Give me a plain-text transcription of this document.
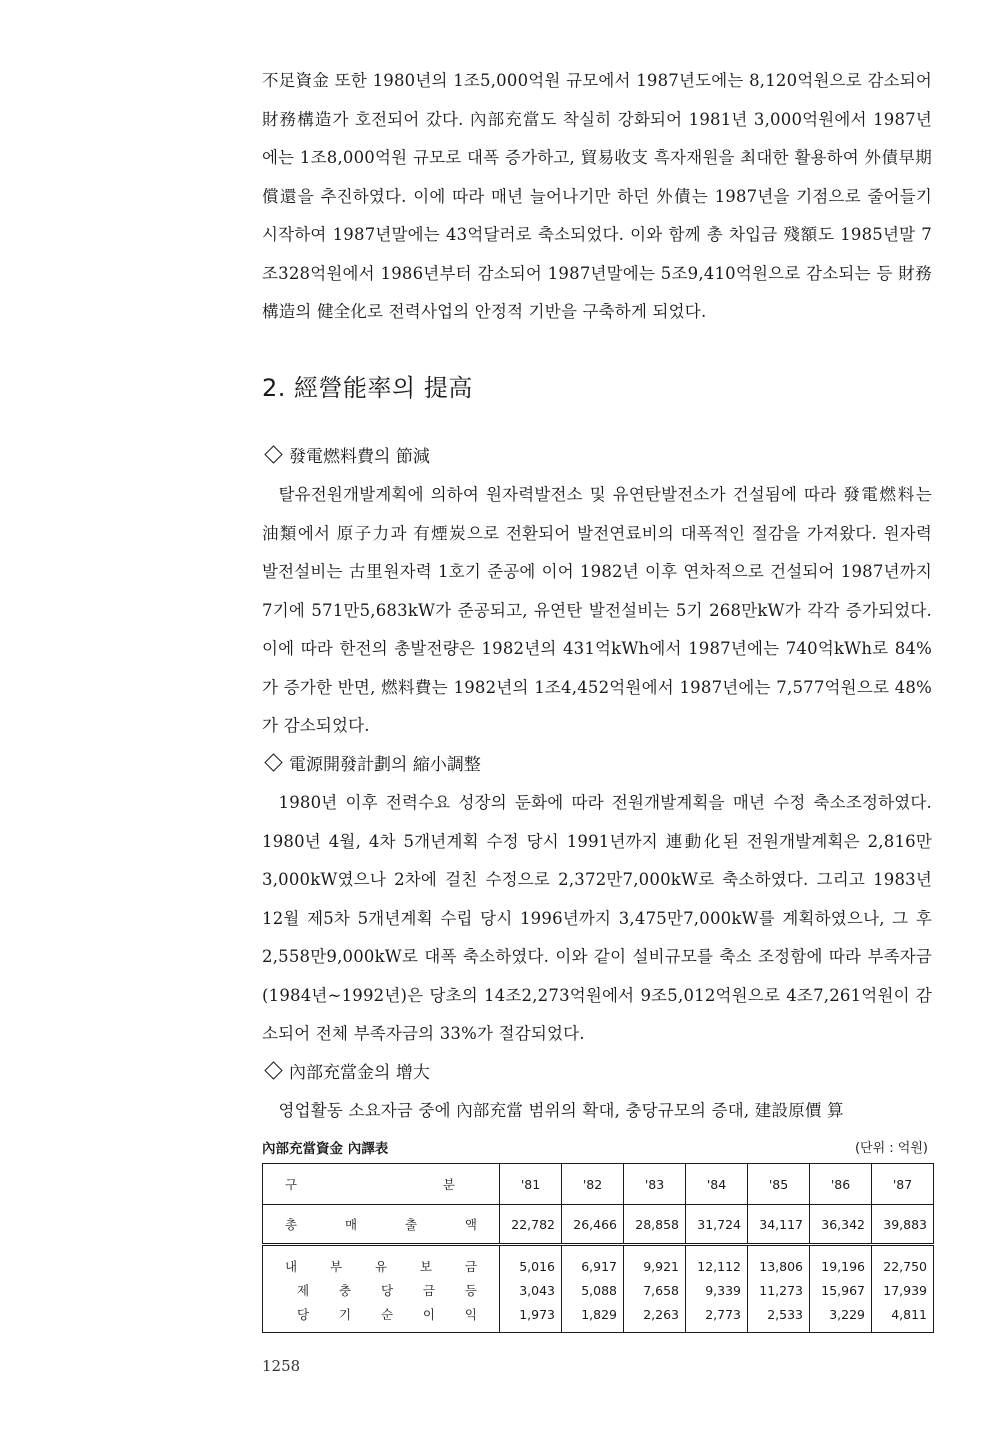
不足資金 또한 1980년의 1조5,000억원 규모에서 1987년도에는 8,120억원으로 감소되어 財務構造가 호전되어 갔다. 內部充當도 착실히 강화되어 1981년 3,000억원에서 1987년에는 1조8,000억원 규모로 대폭 증가하고, 貿易收支 흑자재원을 최대한 활용하여 外債早期償還을 추진하였다. 이에 따라 매년 늘어나기만 하던 外債는 1987년을 기점으로 줄어들기 시작하여 1987년말에는 43억달러로 축소되었다. 이와 함께 총 차입금 殘額도 1985년말 7조328억원에서 1986년부터 감소되어 1987년말에는 5조9,410억원으로 감소되는 등 財務構造의 健全化로 전력사업의 안정적 기반을 구축하게 되었다.

2. 經營能率의 提高
發電燃料費의 節減

탈유전원개발계획에 의하여 원자력발전소 및 유연탄발전소가 건설됨에 따라 發電燃料는 油類에서 原子力과 有煙炭으로 전환되어 발전연료비의 대폭적인 절감을 가져왔다. 원자력 발전설비는 古里원자력 1호기 준공에 이어 1982년 이후 연차적으로 건설되어 1987년까지 7기에 571만5,683kW가 준공되고, 유연탄 발전설비는 5기 268만kW가 각각 증가되었다. 이에 따라 한전의 총발전량은 1982년의 431억kWh에서 1987년에는 740억kWh로 84%가 증가한 반면, 燃料費는 1982년의 1조4,452억원에서 1987년에는 7,577억원으로 48%가 감소되었다.

電源開發計劃의 縮小調整

1980년 이후 전력수요 성장의 둔화에 따라 전원개발계획을 매년 수정 축소조정하였다. 1980년 4월, 4차 5개년계획 수정 당시 1991년까지 連動化된 전원개발계획은 2,816만3,000kW였으나 2차에 걸친 수정으로 2,372만7,000kW로 축소하였다. 그리고 1983년 12월 제5차 5개년계획 수립 당시 1996년까지 3,475만7,000kW를 계획하였으나, 그 후 2,558만9,000kW로 대폭 축소하였다. 이와 같이 설비규모를 축소 조정함에 따라 부족자금(1984년~1992년)은 당초의 14조2,273억원에서 9조5,012억원으로 4조7,261억원이 감소되어 전체 부족자금의 33%가 절감되었다.

內部充當金의 增大

영업활동 소요자금 중에 內部充當 범위의 확대, 충당규모의 증대, 建設原價 算

內部充當資金 內譯表	(단위 : 억원)
구 분	'81	'82	'83	'84	'85	'86	'87

총 매 출 액	22,782	26,466	28,858	31,724	34,117	36,342	39,883

내 부 유 보 금	5,016	6,917	9,921	12,112	13,806	19,196	22,750

제 충 당 금 등	3,043	5,088	7,658	9,339	11,273	15,967	17,939

당 기 순 이 익	1,973	1,829	2,263	2,773	2,533	3,229	4,811
1258
